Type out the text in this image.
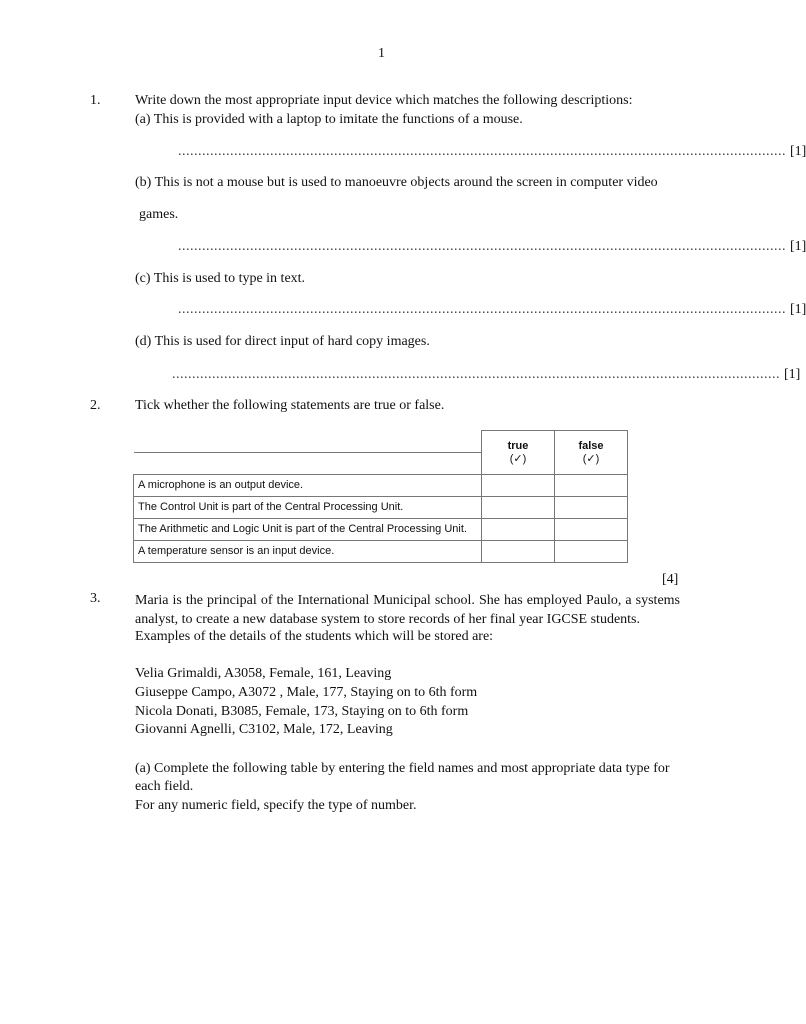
1
1. Write down the most appropriate input device which matches the following descriptions:
(a) This is provided with a laptop to imitate the functions of a mouse.
........................................................................................................................................................ [1]
(b) This is not a mouse but is used to manoeuvre objects around the screen in computer video
games.
........................................................................................................................................................ [1]
(c) This is used to type in text.
........................................................................................................................................................ [1]
(d) This is used for direct input of hard copy images.
........................................................................................................................................................ [1]
2. Tick whether the following statements are true or false.
	true	false
	(✓)	(✓)
A microphone is an output device.		
The Control Unit is part of the Central Processing Unit.		
The Arithmetic and Logic Unit is part of the Central Processing Unit.		
A temperature sensor is an input device.		
[4]
3. Maria is the principal of the International Municipal school. She has employed Paulo, a systems analyst, to create a new database system to store records of her final year IGCSE students.
Examples of the details of the students which will be stored are:
Velia Grimaldi, A3058, Female, 161, Leaving
Giuseppe Campo, A3072 , Male, 177, Staying on to 6th form
Nicola Donati, B3085, Female, 173, Staying on to 6th form
Giovanni Agnelli, C3102, Male, 172, Leaving
(a) Complete the following table by entering the field names and most appropriate data type for
each field.
For any numeric field, specify the type of number.
